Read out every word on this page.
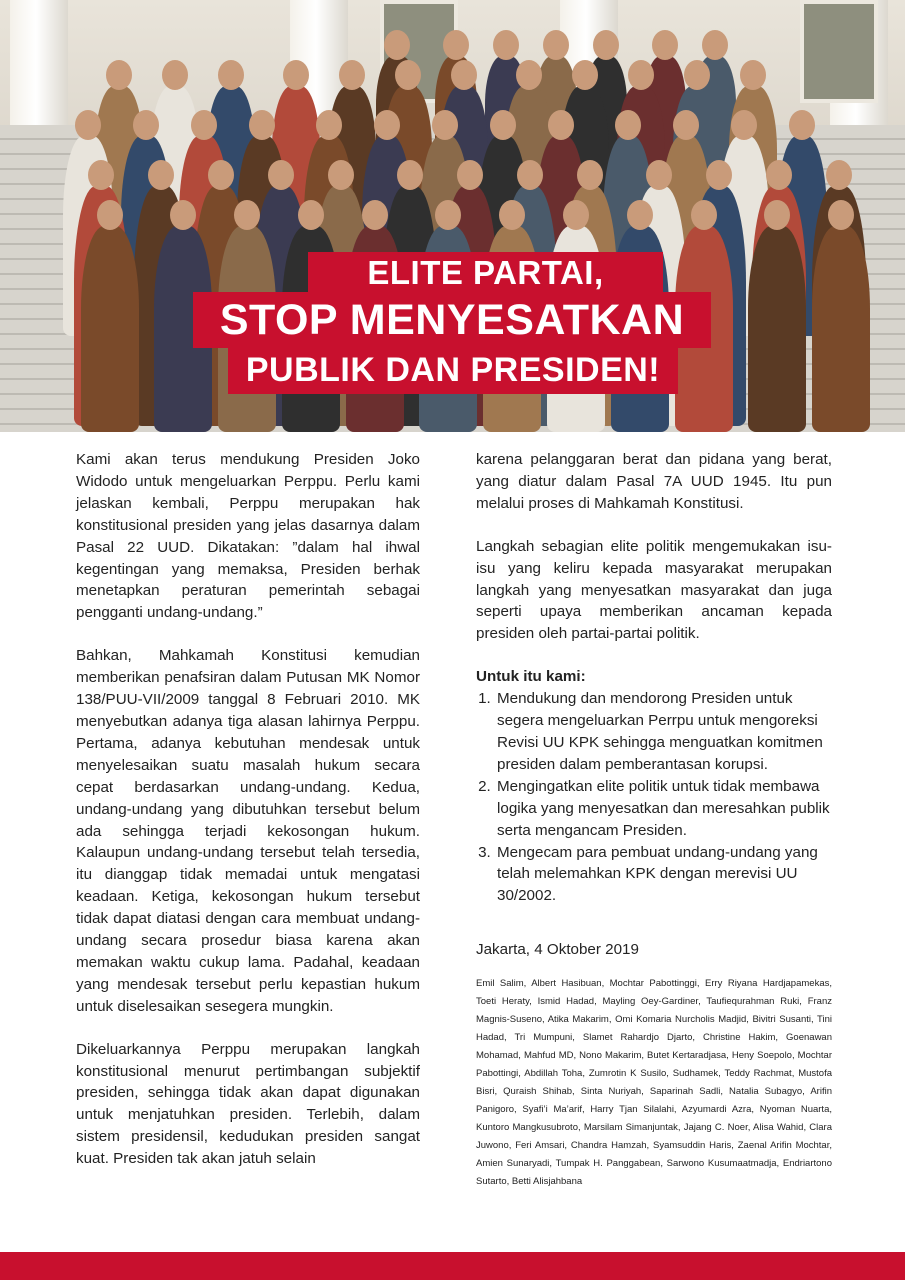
ELITE PARTAI,
STOP MENYESATKAN
PUBLIK DAN PRESIDEN!

Kami akan terus mendukung Presiden Joko Widodo untuk mengeluarkan Perppu. Perlu kami jelaskan kembali, Perppu merupakan hak konstitusional presiden yang jelas dasarnya dalam Pasal 22 UUD. Dikatakan: ”dalam hal ihwal kegentingan yang memaksa, Presiden berhak menetapkan peraturan pemerintah sebagai pengganti undang-undang.”

Bahkan, Mahkamah Konstitusi kemudian memberikan penafsiran dalam Putusan MK Nomor 138/PUU-VII/2009 tanggal 8 Februari 2010. MK menyebutkan adanya tiga alasan lahirnya Perppu. Pertama, adanya kebutuhan mendesak untuk menyelesaikan suatu masalah hukum secara cepat berdasarkan undang-undang. Kedua, undang-undang yang dibutuhkan tersebut belum ada sehingga terjadi kekosongan hukum. Kalaupun undang-undang tersebut telah tersedia, itu dianggap tidak memadai untuk mengatasi keadaan. Ketiga, kekosongan hukum tersebut tidak dapat diatasi dengan cara membuat undang-undang secara prosedur biasa karena akan memakan waktu cukup lama. Padahal, keadaan yang mendesak tersebut perlu kepastian hukum untuk diselesaikan sesegera mungkin.

Dikeluarkannya Perppu merupakan langkah konstitusional menurut pertimbangan subjektif presiden, sehingga tidak akan dapat digunakan untuk menjatuhkan presiden. Terlebih, dalam sistem presidensil, kedudukan presiden sangat kuat. Presiden tak akan jatuh selain

karena pelanggaran berat dan pidana yang berat, yang diatur dalam Pasal 7A UUD 1945. Itu pun melalui proses di Mahkamah Konstitusi.

Langkah sebagian elite politik mengemukakan isu-isu yang keliru kepada masyarakat merupakan langkah yang menyesatkan masyarakat dan juga seperti upaya memberikan ancaman kepada presiden oleh partai-partai politik.

Untuk itu kami:

1. Mendukung dan mendorong Presiden untuk segera mengeluarkan Perrpu untuk mengoreksi Revisi UU KPK sehingga menguatkan komitmen presiden dalam pemberantasan korupsi.
2. Mengingatkan elite politik untuk tidak membawa logika yang menyesatkan dan meresahkan publik serta mengancam Presiden.
3. Mengecam para pembuat undang-undang yang telah melemahkan KPK dengan merevisi UU 30/2002.

Jakarta, 4 Oktober 2019

Emil Salim, Albert Hasibuan, Mochtar Pabottinggi, Erry Riyana Hardjapamekas, Toeti Heraty, Ismid Hadad, Mayling Oey-Gardiner, Taufiequrahman Ruki, Franz Magnis-Suseno, Atika Makarim, Omi Komaria Nurcholis Madjid, Bivitri Susanti, Tini Hadad, Tri Mumpuni, Slamet Rahardjo Djarto, Christine Hakim, Goenawan Mohamad, Mahfud MD, Nono Makarim, Butet Kertaradjasa, Heny Soepolo, Mochtar Pabottingi, Abdillah Toha, Zumrotin K Susilo, Sudhamek, Teddy Rachmat, Mustofa Bisri, Quraish Shihab, Sinta Nuriyah, Saparinah Sadli, Natalia Subagyo, Arifin Panigoro, Syafi’i Ma’arif, Harry Tjan Silalahi, Azyumardi Azra, Nyoman Nuarta, Kuntoro Mangkusubroto, Marsilam Simanjuntak, Jajang C. Noer, Alisa Wahid, Clara Juwono, Feri Amsari, Chandra Hamzah, Syamsuddin Haris, Zaenal Arifin Mochtar, Amien Sunaryadi, Tumpak H. Panggabean, Sarwono Kusumaatmadja, Endriartono Sutarto, Betti Alisjahbana
